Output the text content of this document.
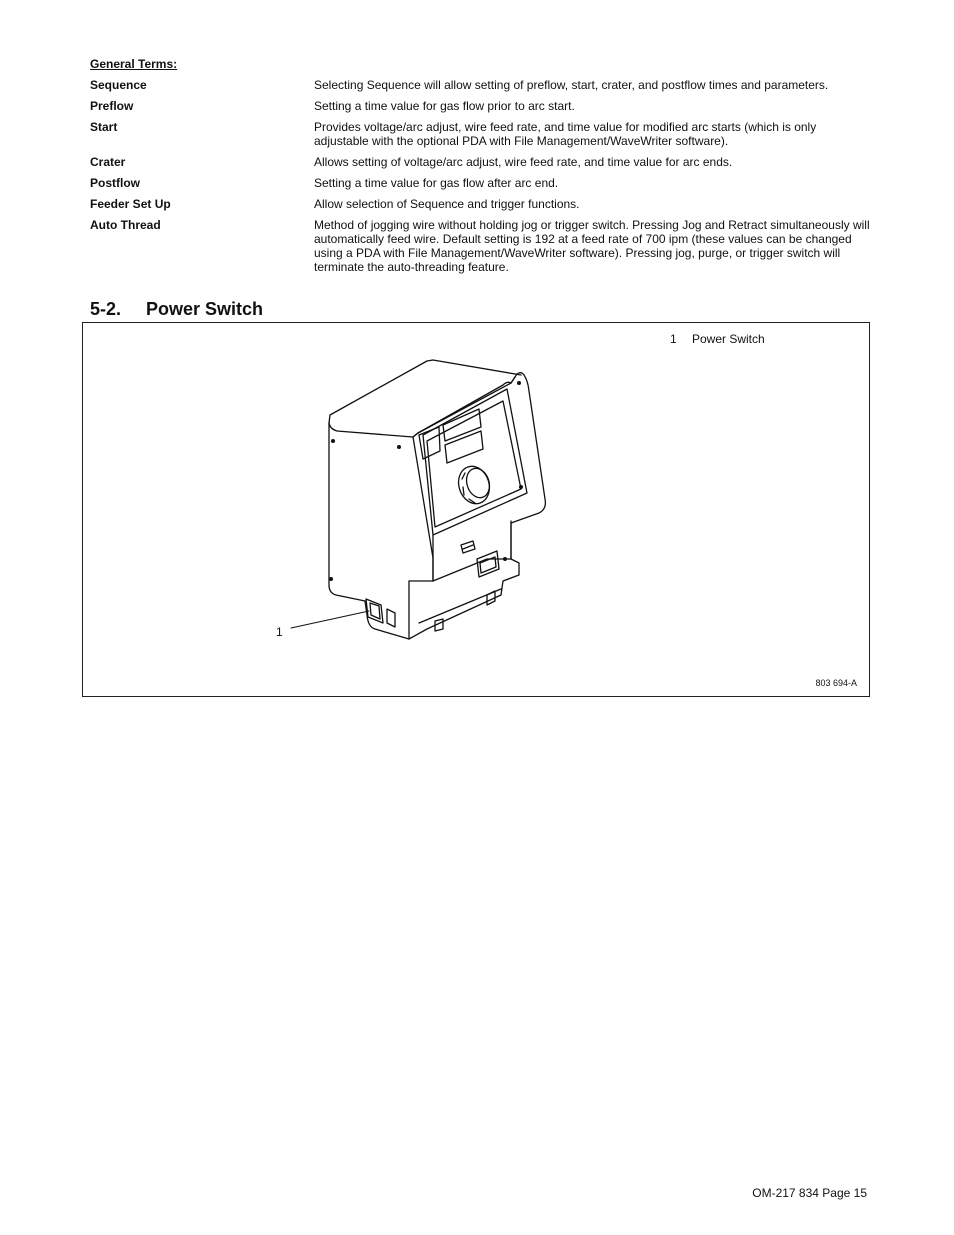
General Terms:
Sequence	Selecting Sequence will allow setting of preflow, start, crater, and postflow times and parameters.
Preflow	Setting a time value for gas flow prior to arc start.
Start	Provides voltage/arc adjust, wire feed rate, and time value for modified arc starts (which is only adjustable with the optional PDA with File Management/WaveWriter software).
Crater	Allows setting of voltage/arc adjust, wire feed rate, and time value for arc ends.
Postflow	Setting a time value for gas flow after arc end.
Feeder Set Up	Allow selection of Sequence and trigger functions.
Auto Thread	Method of jogging wire without holding jog or trigger switch. Pressing Jog and Retract simultaneously will automatically feed wire. Default setting is 192 at a feed rate of 700 ipm (these values can be changed using a PDA with File Management/WaveWriter software). Pressing jog, purge, or trigger switch will terminate the auto-threading feature.
5-2. Power Switch
1 Power Switch
1
803 694-A
OM-217 834 Page 15
